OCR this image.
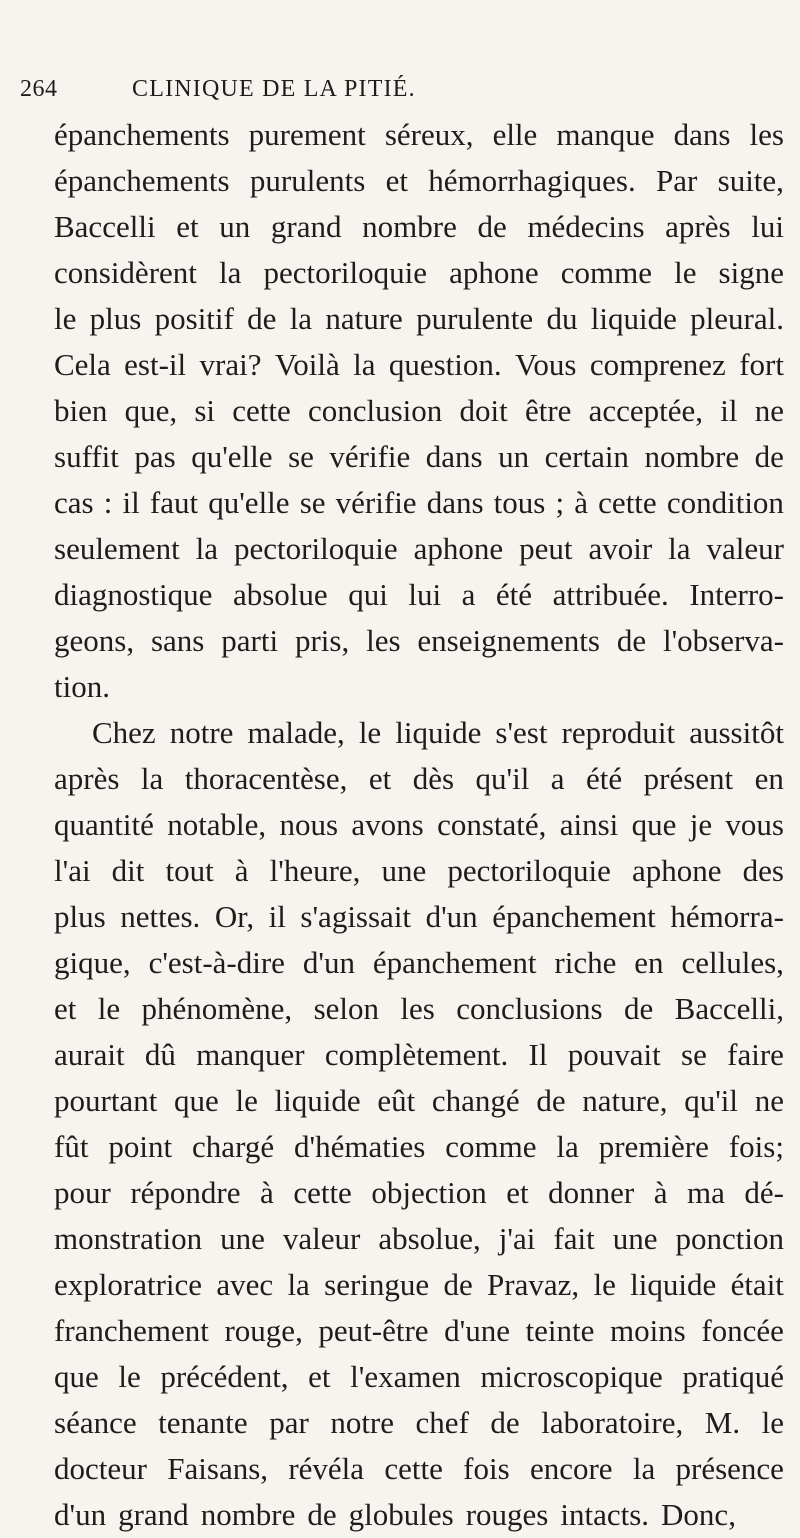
264	CLINIQUE DE LA PITIÉ.
épanchements purement séreux, elle manque dans les
épanchements purulents et hémorrhagiques. Par suite,
Baccelli et un grand nombre de médecins après lui
considèrent la pectoriloquie aphone comme le signe
le plus positif de la nature purulente du liquide pleural.
Cela est-il vrai? Voilà la question. Vous comprenez fort
bien que, si cette conclusion doit être acceptée, il ne
suffit pas qu'elle se vérifie dans un certain nombre de
cas : il faut qu'elle se vérifie dans tous ; à cette condition
seulement la pectoriloquie aphone peut avoir la valeur
diagnostique absolue qui lui a été attribuée. Interro-
geons, sans parti pris, les enseignements de l'observa-
tion.
Chez notre malade, le liquide s'est reproduit aussitôt
après la thoracentèse, et dès qu'il a été présent en
quantité notable, nous avons constaté, ainsi que je vous
l'ai dit tout à l'heure, une pectoriloquie aphone des
plus nettes. Or, il s'agissait d'un épanchement hémorra-
gique, c'est-à-dire d'un épanchement riche en cellules,
et le phénomène, selon les conclusions de Baccelli,
aurait dû manquer complètement. Il pouvait se faire
pourtant que le liquide eût changé de nature, qu'il ne
fût point chargé d'hématies comme la première fois;
pour répondre à cette objection et donner à ma dé-
monstration une valeur absolue, j'ai fait une ponction
exploratrice avec la seringue de Pravaz, le liquide était
franchement rouge, peut-être d'une teinte moins foncée
que le précédent, et l'examen microscopique pratiqué
séance tenante par notre chef de laboratoire, M. le
docteur Faisans, révéla cette fois encore la présence
d'un grand nombre de globules rouges intacts. Donc,
